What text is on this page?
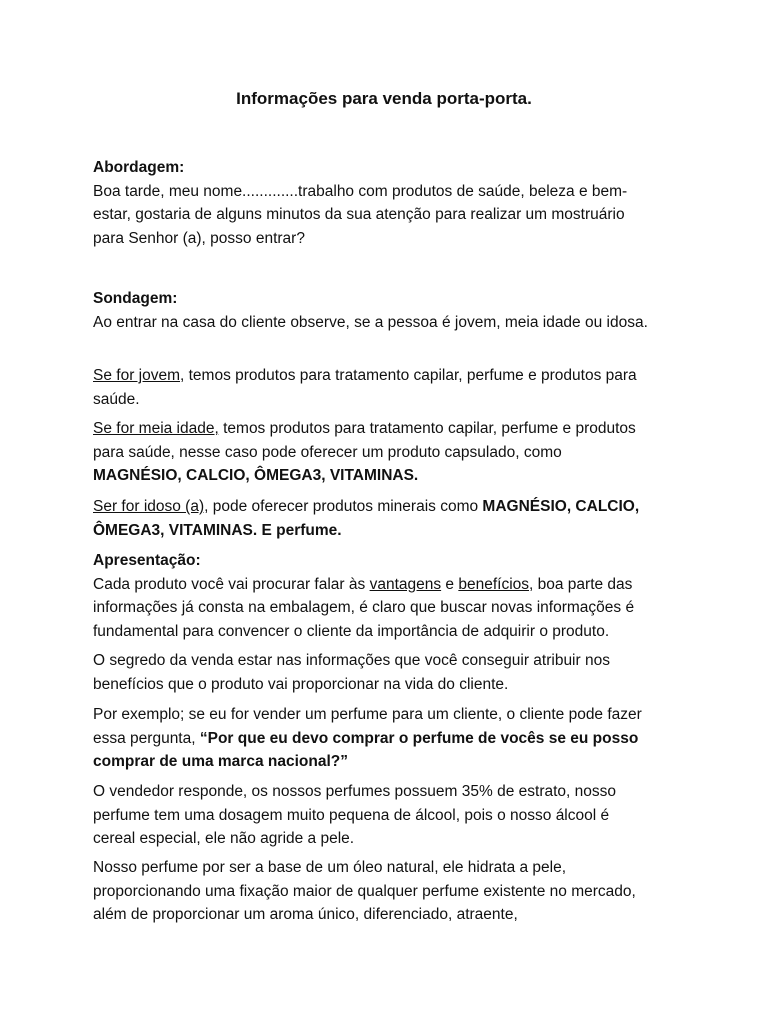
Informações para venda porta-porta.

Abordagem:

Boa tarde, meu nome.............trabalho com produtos de saúde, beleza e bem-estar, gostaria de alguns minutos da sua atenção para realizar um mostruário para Senhor (a), posso entrar?

Sondagem:

Ao entrar na casa do cliente observe, se a pessoa é jovem, meia idade ou idosa.

Se for jovem, temos produtos para tratamento capilar, perfume e produtos para saúde.

Se for meia idade, temos produtos para tratamento capilar, perfume e produtos para saúde, nesse caso pode oferecer um produto capsulado, como MAGNÉSIO, CALCIO, ÔMEGA3, VITAMINAS.

Ser for idoso (a), pode oferecer produtos minerais como MAGNÉSIO, CALCIO, ÔMEGA3, VITAMINAS. E perfume.

Apresentação:

Cada produto você vai procurar falar às vantagens e benefícios, boa parte das informações já consta na embalagem, é claro que buscar novas informações é fundamental para convencer o cliente da importância de adquirir o produto.

O segredo da venda estar nas informações que você conseguir atribuir nos benefícios que o produto vai proporcionar na vida do cliente.

Por exemplo; se eu for vender um perfume para um cliente, o cliente pode fazer essa pergunta, “Por que eu devo comprar o perfume de vocês se eu posso comprar de uma marca nacional?”

O vendedor responde, os nossos perfumes possuem 35% de estrato, nosso perfume tem uma dosagem muito pequena de álcool, pois o nosso álcool é cereal especial, ele não agride a pele.

Nosso perfume por ser a base de um óleo natural, ele hidrata a pele, proporcionando uma fixação maior de qualquer perfume existente no mercado, além de proporcionar um aroma único, diferenciado, atraente,
